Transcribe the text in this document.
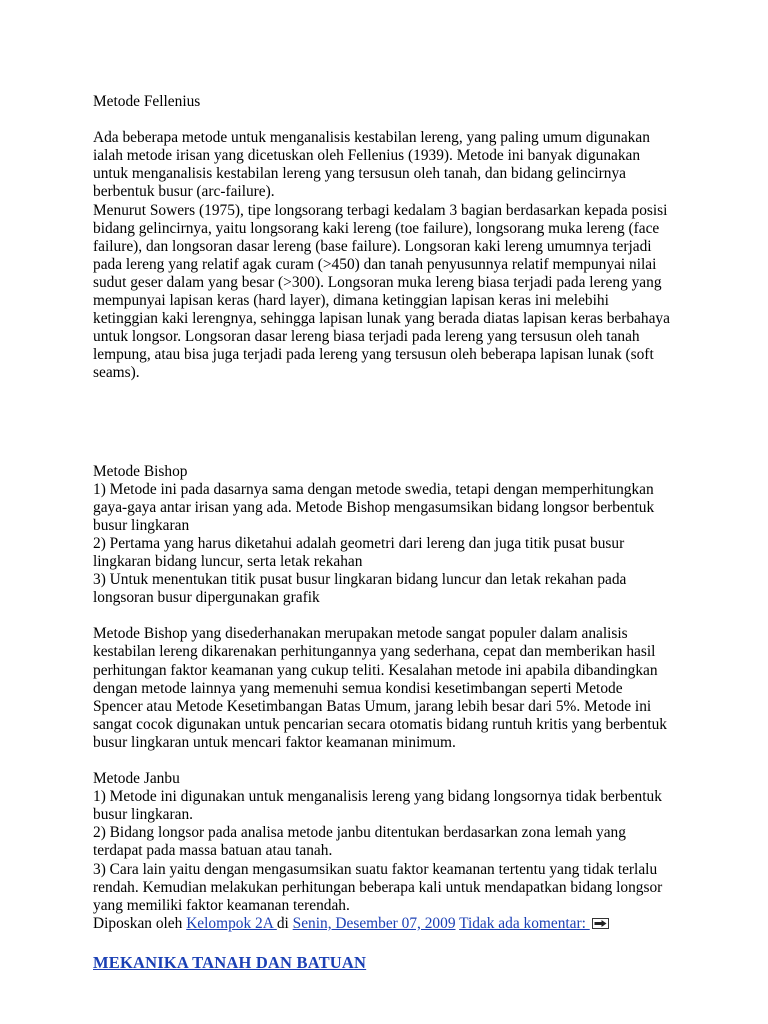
Metode Fellenius
Ada beberapa metode untuk menganalisis kestabilan lereng, yang paling umum digunakan
ialah metode irisan yang dicetuskan oleh Fellenius (1939). Metode ini banyak digunakan
untuk menganalisis kestabilan lereng yang tersusun oleh tanah, dan bidang gelincirnya
berbentuk busur (arc-failure).
Menurut Sowers (1975), tipe longsorang terbagi kedalam 3 bagian berdasarkan kepada posisi
bidang gelincirnya, yaitu longsorang kaki lereng (toe failure), longsorang muka lereng (face
failure), dan longsoran dasar lereng (base failure). Longsoran kaki lereng umumnya terjadi
pada lereng yang relatif agak curam (>450) dan tanah penyusunnya relatif mempunyai nilai
sudut geser dalam yang besar (>300). Longsoran muka lereng biasa terjadi pada lereng yang
mempunyai lapisan keras (hard layer), dimana ketinggian lapisan keras ini melebihi
ketinggian kaki lerengnya, sehingga lapisan lunak yang berada diatas lapisan keras berbahaya
untuk longsor. Longsoran dasar lereng biasa terjadi pada lereng yang tersusun oleh tanah
lempung, atau bisa juga terjadi pada lereng yang tersusun oleh beberapa lapisan lunak (soft
seams).
Metode Bishop
1) Metode ini pada dasarnya sama dengan metode swedia, tetapi dengan memperhitungkan
gaya-gaya antar irisan yang ada. Metode Bishop mengasumsikan bidang longsor berbentuk
busur lingkaran
2) Pertama yang harus diketahui adalah geometri dari lereng dan juga titik pusat busur
lingkaran bidang luncur, serta letak rekahan
3) Untuk menentukan titik pusat busur lingkaran bidang luncur dan letak rekahan pada
longsoran busur dipergunakan grafik
Metode Bishop yang disederhanakan merupakan metode sangat populer dalam analisis
kestabilan lereng dikarenakan perhitungannya yang sederhana, cepat dan memberikan hasil
perhitungan faktor keamanan yang cukup teliti. Kesalahan metode ini apabila dibandingkan
dengan metode lainnya yang memenuhi semua kondisi kesetimbangan seperti Metode
Spencer atau Metode Kesetimbangan Batas Umum, jarang lebih besar dari 5%. Metode ini
sangat cocok digunakan untuk pencarian secara otomatis bidang runtuh kritis yang berbentuk
busur lingkaran untuk mencari faktor keamanan minimum.
Metode Janbu
1) Metode ini digunakan untuk menganalisis lereng yang bidang longsornya tidak berbentuk
busur lingkaran.
2) Bidang longsor pada analisa metode janbu ditentukan berdasarkan zona lemah yang
terdapat pada massa batuan atau tanah.
3) Cara lain yaitu dengan mengasumsikan suatu faktor keamanan tertentu yang tidak terlalu
rendah. Kemudian melakukan perhitungan beberapa kali untuk mendapatkan bidang longsor
yang memiliki faktor keamanan terendah.
Diposkan oleh Kelompok 2A di Senin, Desember 07, 2009 Tidak ada komentar:
MEKANIKA TANAH DAN BATUAN
